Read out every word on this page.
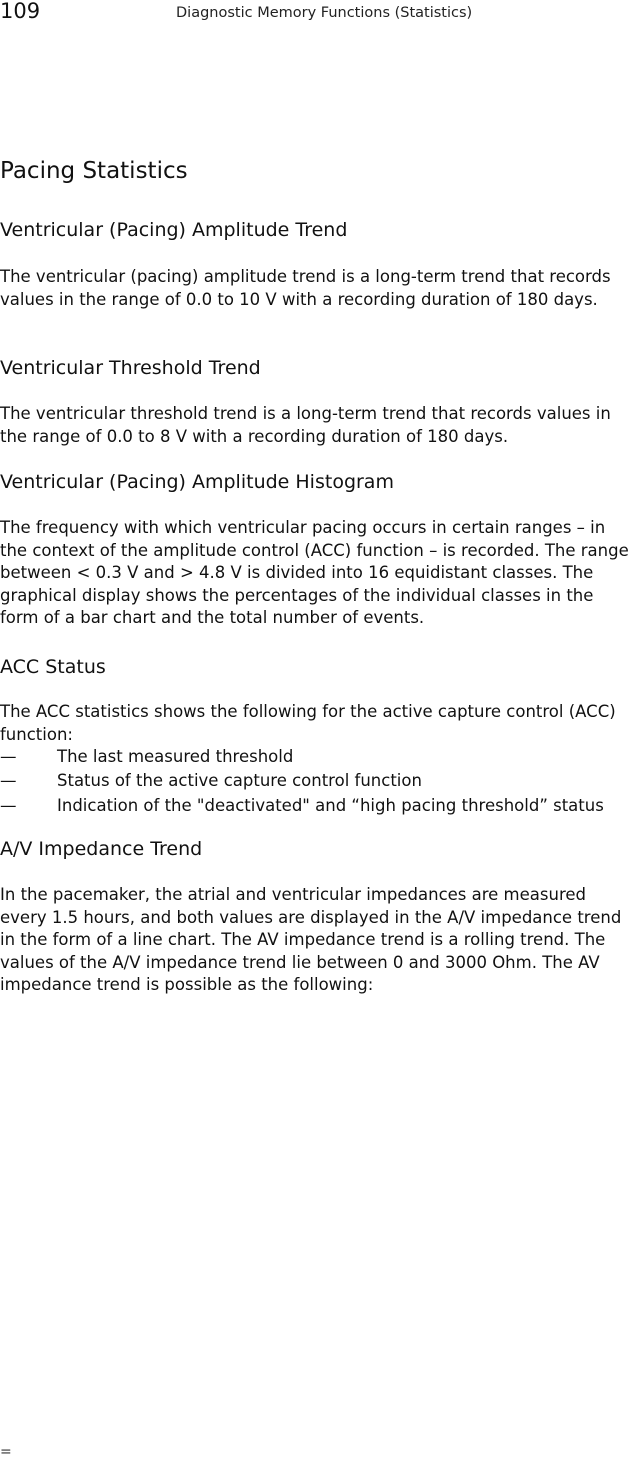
109	Diagnostic Memory Functions (Statistics)
Pacing Statistics
Ventricular (Pacing) Amplitude Trend

The ventricular (pacing) amplitude trend is a long-term trend that records values in the range of 0.0 to 10 V with a recording duration of 180 days.

Ventricular Threshold Trend

The ventricular threshold trend is a long-term trend that records values in the range of 0.0 to 8 V with a recording duration of 180 days.

Ventricular (Pacing) Amplitude Histogram

The frequency with which ventricular pacing occurs in certain ranges – in the context of the amplitude control (ACC) function – is recorded. The range between < 0.3 V and > 4.8 V is divided into 16 equidistant classes. The graphical display shows the percentages of the individual classes in the form of a bar chart and the total number of events.

ACC Status

The ACC statistics shows the following for the active capture control (ACC) function:

—	The last measured threshold
—	Status of the active capture control function
—	Indication of the "deactivated" and “high pacing threshold” status
A/V Impedance Trend

In the pacemaker, the atrial and ventricular impedances are measured every 1.5 hours, and both values are displayed in the A/V impedance trend in the form of a line chart. The AV impedance trend is a rolling trend. The values of the A/V impedance trend lie between 0 and 3000 Ohm. The AV impedance trend is possible as the following:

=
